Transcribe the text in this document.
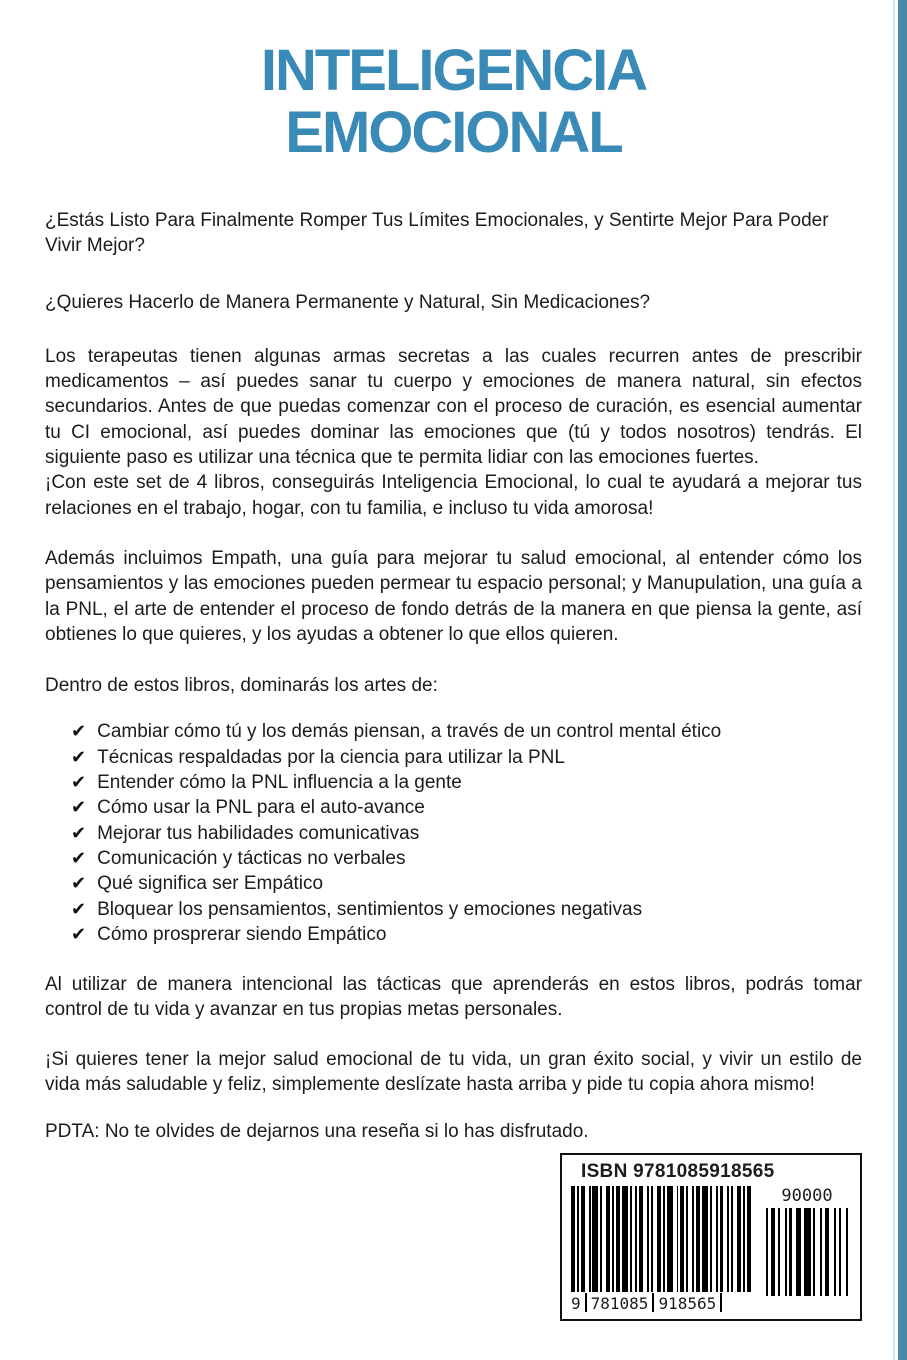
INTELIGENCIA
EMOCIONAL

¿Estás Listo Para Finalmente Romper Tus Límites Emocionales, y Sentirte Mejor Para Poder Vivir Mejor?

¿Quieres Hacerlo de Manera Permanente y Natural, Sin Medicaciones?

Los terapeutas tienen algunas armas secretas a las cuales recurren antes de prescribir medicamentos – así puedes sanar tu cuerpo y emociones de manera natural, sin efectos secundarios. Antes de que puedas comenzar con el proceso de curación, es esencial aumentar tu CI emocional, así puedes dominar las emociones que (tú y todos nosotros) tendrás. El siguiente paso es utilizar una técnica que te permita lidiar con las emociones fuertes.

¡Con este set de 4 libros, conseguirás Inteligencia Emocional, lo cual te ayudará a mejorar tus relaciones en el trabajo, hogar, con tu familia, e incluso tu vida amorosa!

Además incluimos Empath, una guía para mejorar tu salud emocional, al entender cómo los pensamientos y las emociones pueden permear tu espacio personal; y Manupulation, una guía a la PNL, el arte de entender el proceso de fondo detrás de la manera en que piensa la gente, así obtienes lo que quieres, y los ayudas a obtener lo que ellos quieren.

Dentro de estos libros, dominarás los artes de:

✔ Cambiar cómo tú y los demás piensan, a través de un control mental ético
✔ Técnicas respaldadas por la ciencia para utilizar la PNL
✔ Entender cómo la PNL influencia a la gente
✔ Cómo usar la PNL para el auto-avance
✔ Mejorar tus habilidades comunicativas
✔ Comunicación y tácticas no verbales
✔ Qué significa ser Empático
✔ Bloquear los pensamientos, sentimientos y emociones negativas
✔ Cómo prosprerar siendo Empático

Al utilizar de manera intencional las tácticas que aprenderás en estos libros, podrás tomar control de tu vida y avanzar en tus propias metas personales.

¡Si quieres tener la mejor salud emocional de tu vida, un gran éxito social, y vivir un estilo de vida más saludable y feliz, simplemente deslízate hasta arriba y pide tu copia ahora mismo!

PDTA: No te olvides de dejarnos una reseña si lo has disfrutado.

ISBN 9781085918565
9 781085 918565
90000
